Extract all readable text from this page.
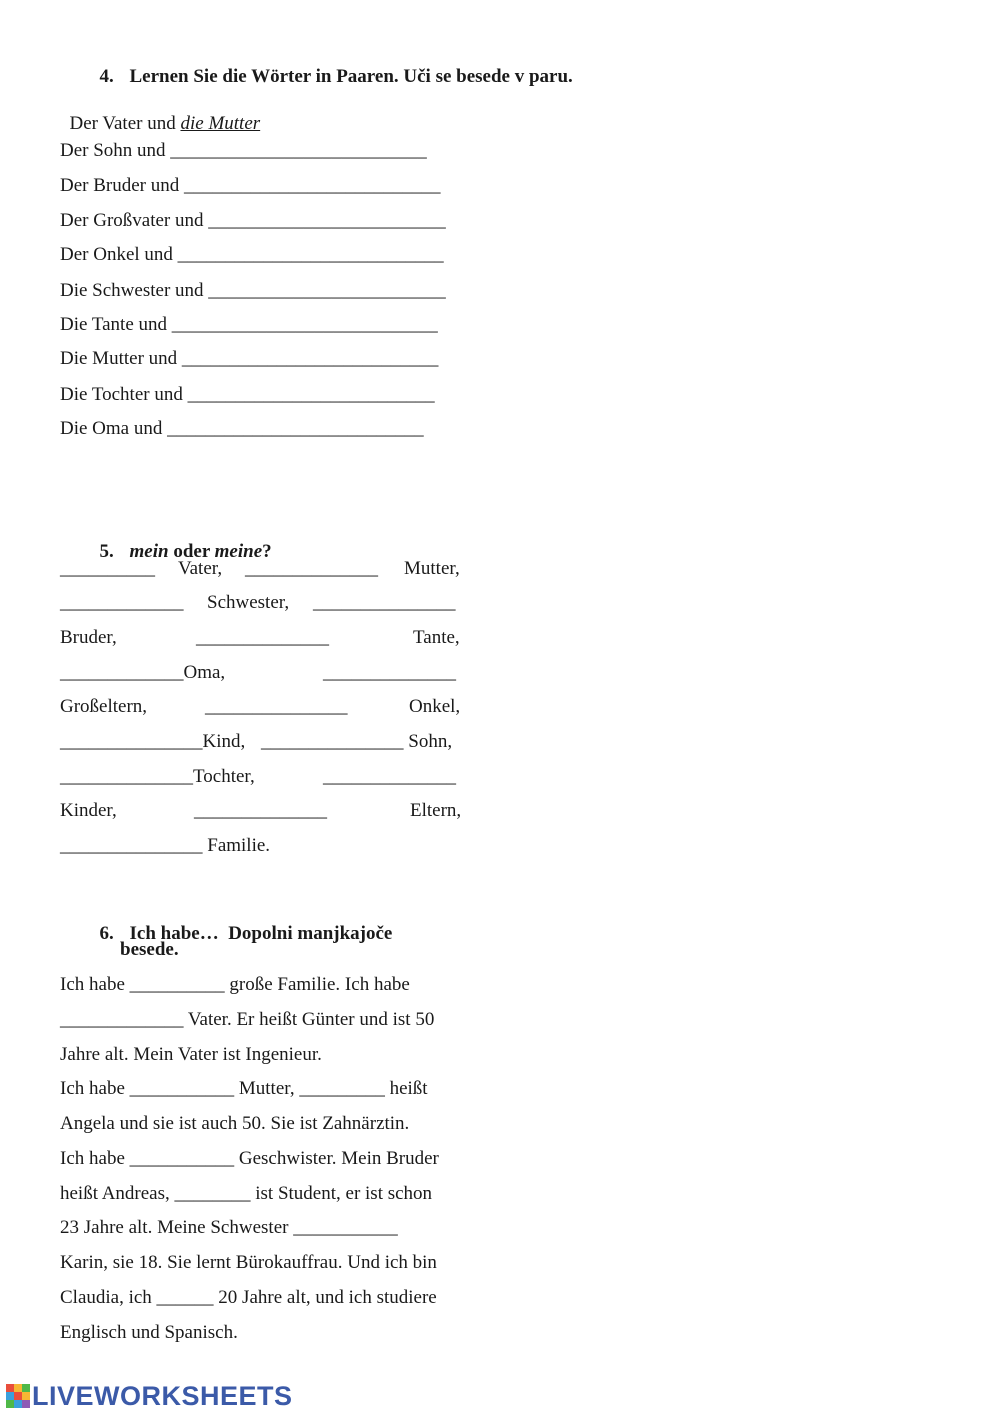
4. Lernen Sie die Wörter in Paaren. Uči se besede v paru.

Der Vater und die Mutter

Der Sohn und ___________________________
Der Bruder und ___________________________
Der Großvater und _________________________
Der Onkel und ____________________________
Die Schwester und _________________________
Die Tante und ____________________________
Die Mutter und ___________________________
Die Tochter und __________________________
Die Oma und ___________________________

5. mein oder meine?

__________ Vater, ______________ Mutter,
_____________ Schwester, _______________
Bruder,	______________	Tante,
_____________Oma,	______________
Großeltern,	_______________	Onkel,
_______________Kind, _______________ Sohn,
______________Tochter,	______________
Kinder,	______________	Eltern,
_______________ Familie.

6. Ich habe…  Dopolni manjkajoče

besede.
Ich habe __________ große Familie. Ich habe
_____________ Vater. Er heißt Günter und ist 50
Jahre alt. Mein Vater ist Ingenieur.
Ich habe ___________ Mutter, _________ heißt
Angela und sie ist auch 50. Sie ist Zahnärztin.
Ich habe ___________ Geschwister. Mein Bruder
heißt Andreas, ________ ist Student, er ist schon
23 Jahre alt. Meine Schwester ___________
Karin, sie 18. Sie lernt Bürokauffrau. Und ich bin
Claudia, ich ______ 20 Jahre alt, und ich studiere
Englisch und Spanisch.
LIVEWORKSHEETS
